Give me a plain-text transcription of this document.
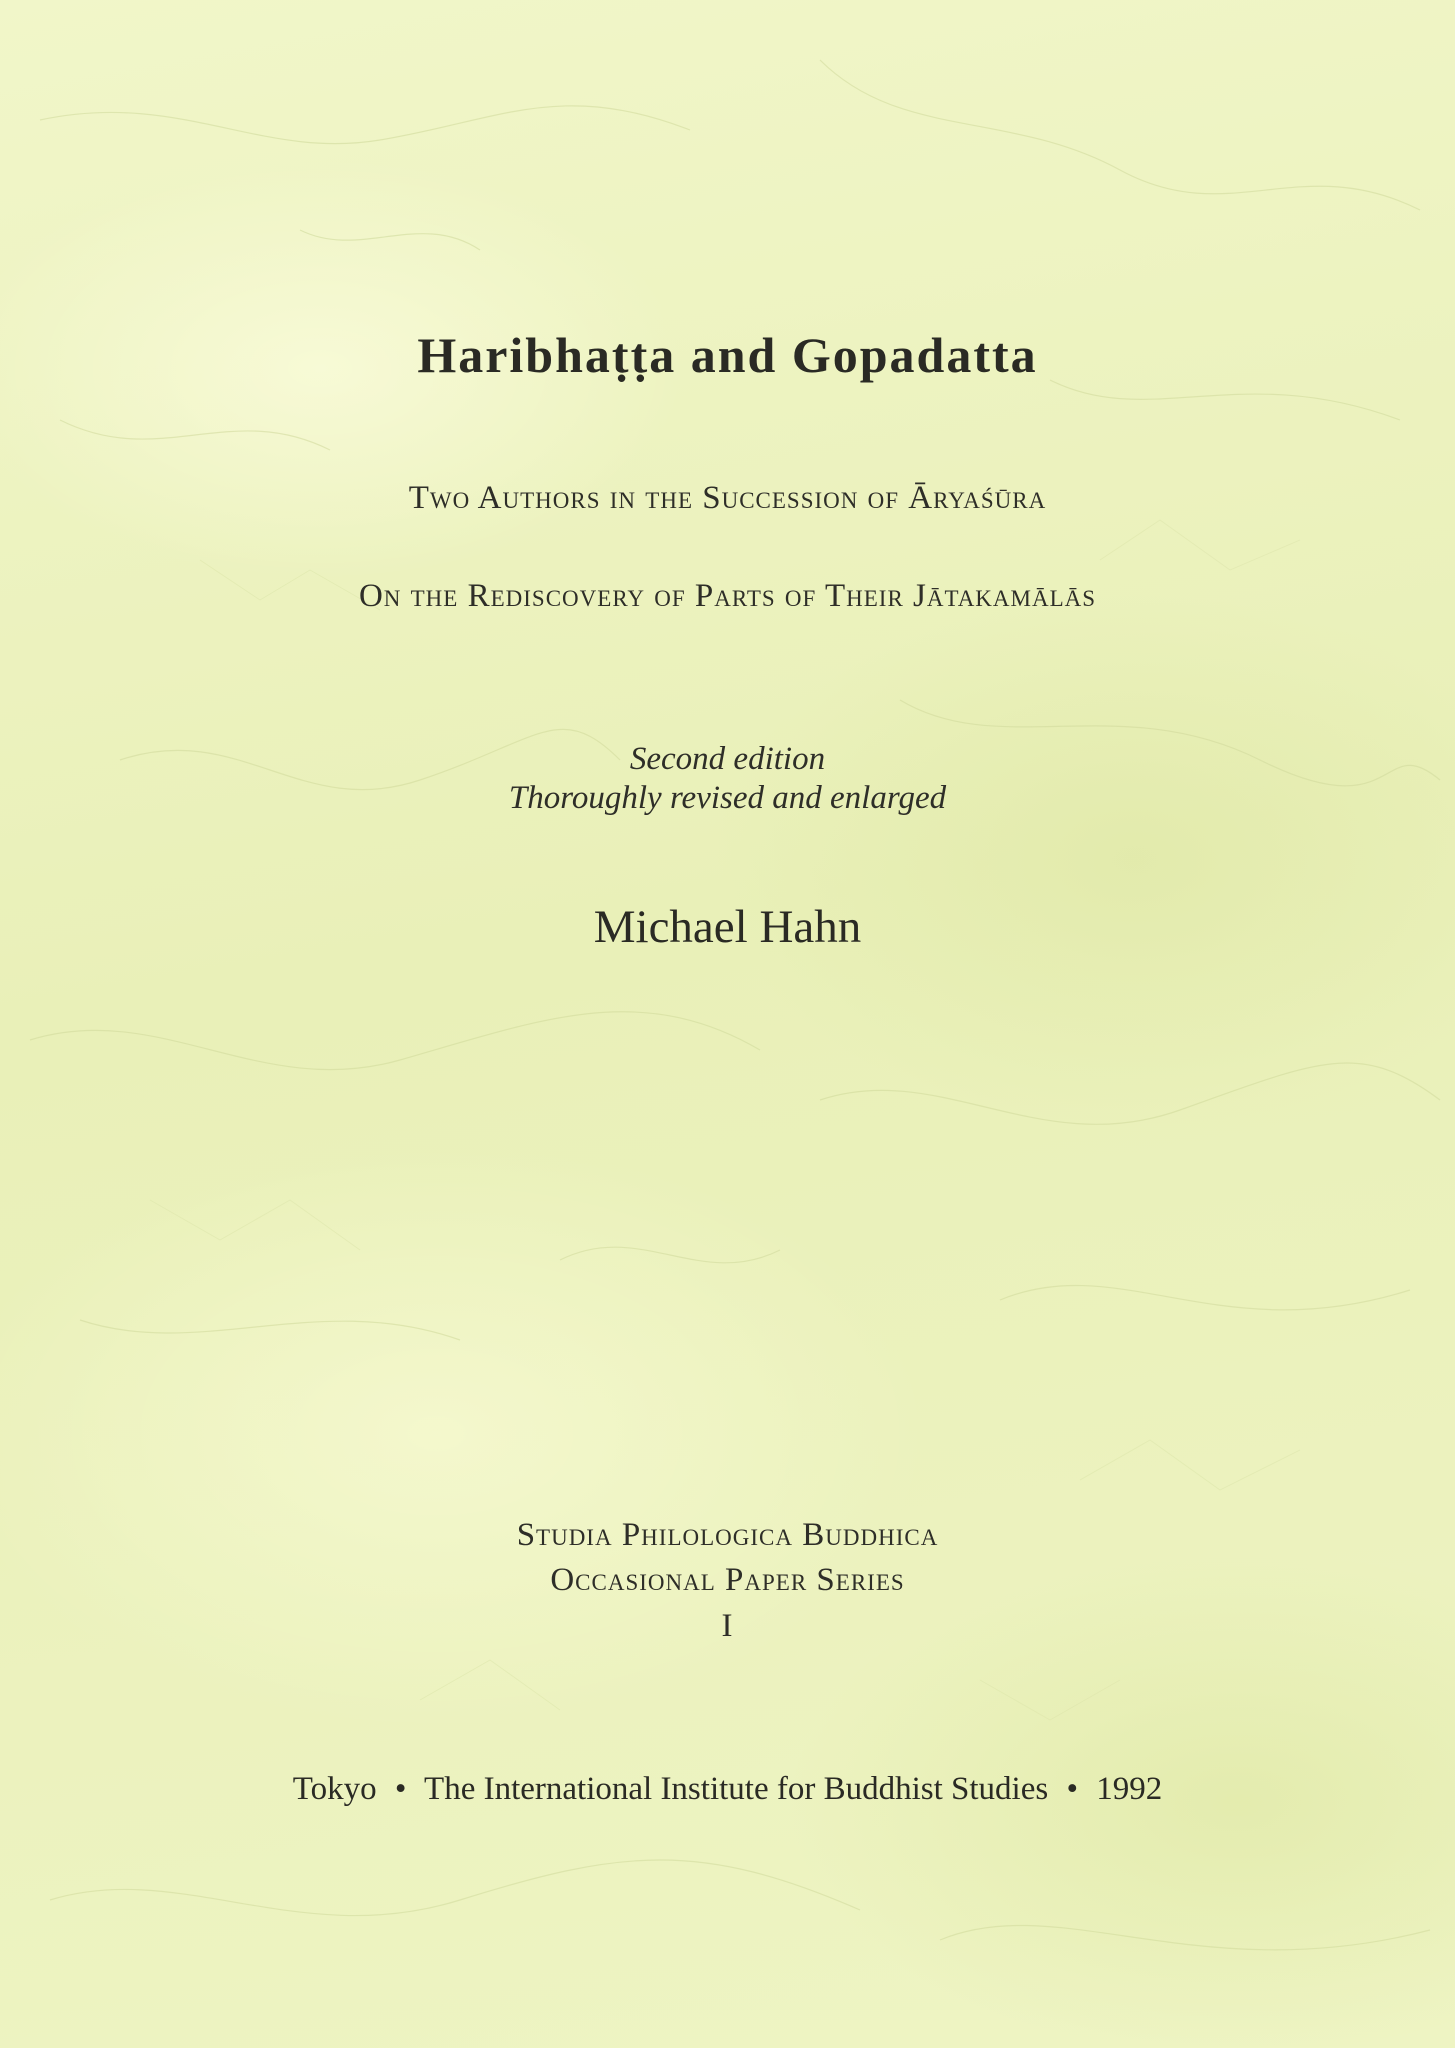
Haribhaṭṭa and Gopadatta
Two Authors in the Succession of Āryaśūra
On the Rediscovery of Parts of Their Jātakamālās
Second edition
Thoroughly revised and enlarged
Michael Hahn
Studia Philologica Buddhica
Occasional Paper Series
I
Tokyo • The International Institute for Buddhist Studies • 1992
